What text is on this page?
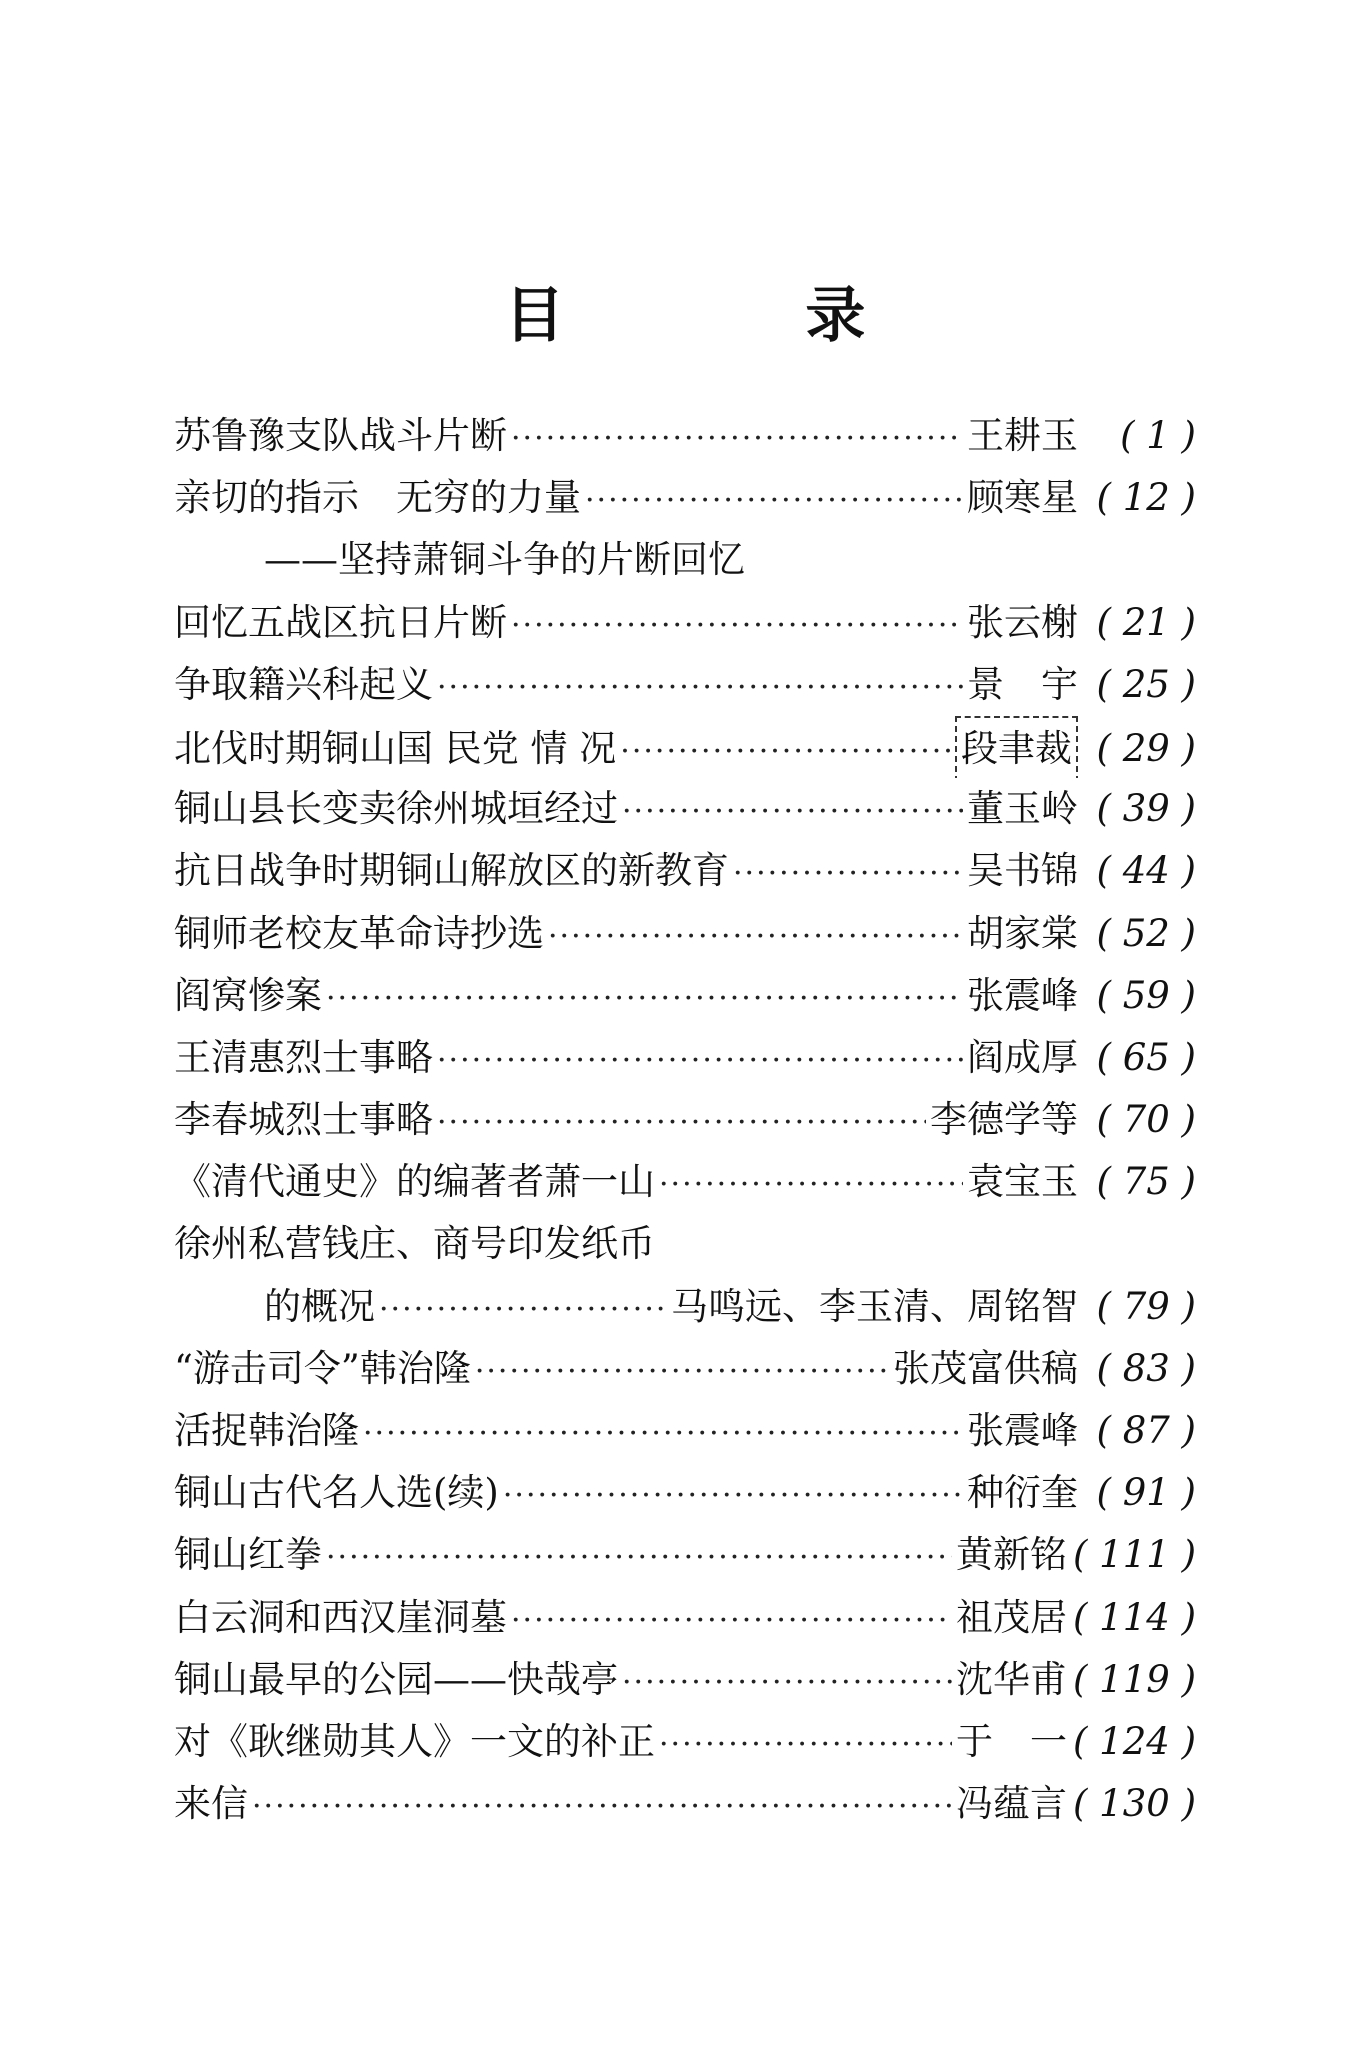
目 录
苏鲁豫支队战斗片断 ·····	王耕玉	( 1 )
亲切的指示　无穷的力量 ·····	顾寒星 ( 12 )
——坚持萧铜斗争的片断回忆
回忆五战区抗日片断 ·····	张云榭 ( 21 )
争取籍兴科起义 ·····	景　宇 ( 25 )
北伐时期铜山国 民党 情 况 ·····	段聿裁 ( 29 )
铜山县长变卖徐州城垣经过 ·····	董玉岭 ( 39 )
抗日战争时期铜山解放区的新教育 ·····	吴书锦 ( 44 )
铜师老校友革命诗抄选 ·····	胡家棠 ( 52 )
阎窝惨案 ·····	张震峰 ( 59 )
王清惠烈士事略 ·····	阎成厚 ( 65 )
李春城烈士事略 ·····	李德学等 ( 70 )
《清代通史》的编著者萧一山 ·····	袁宝玉 ( 75 )
徐州私营钱庄、商号印发纸币
的概况 ·····	马鸣远、李玉清、周铭智 ( 79 )
“游击司令”韩治隆 ·····	张茂富供稿 ( 83 )
活捉韩治隆 ·····	张震峰 ( 87 )
铜山古代名人选(续) ·····	种衍奎 ( 91 )
铜山红拳 ·····	黄新铭 ( 111 )
白云洞和西汉崖洞墓 ·····	祖茂居 ( 114 )
铜山最早的公园——快哉亭 ·····	沈华甫 ( 119 )
对《耿继勋其人》一文的补正 ·····	于　一 ( 124 )
来信 ·····	冯蕴言 ( 130 )
